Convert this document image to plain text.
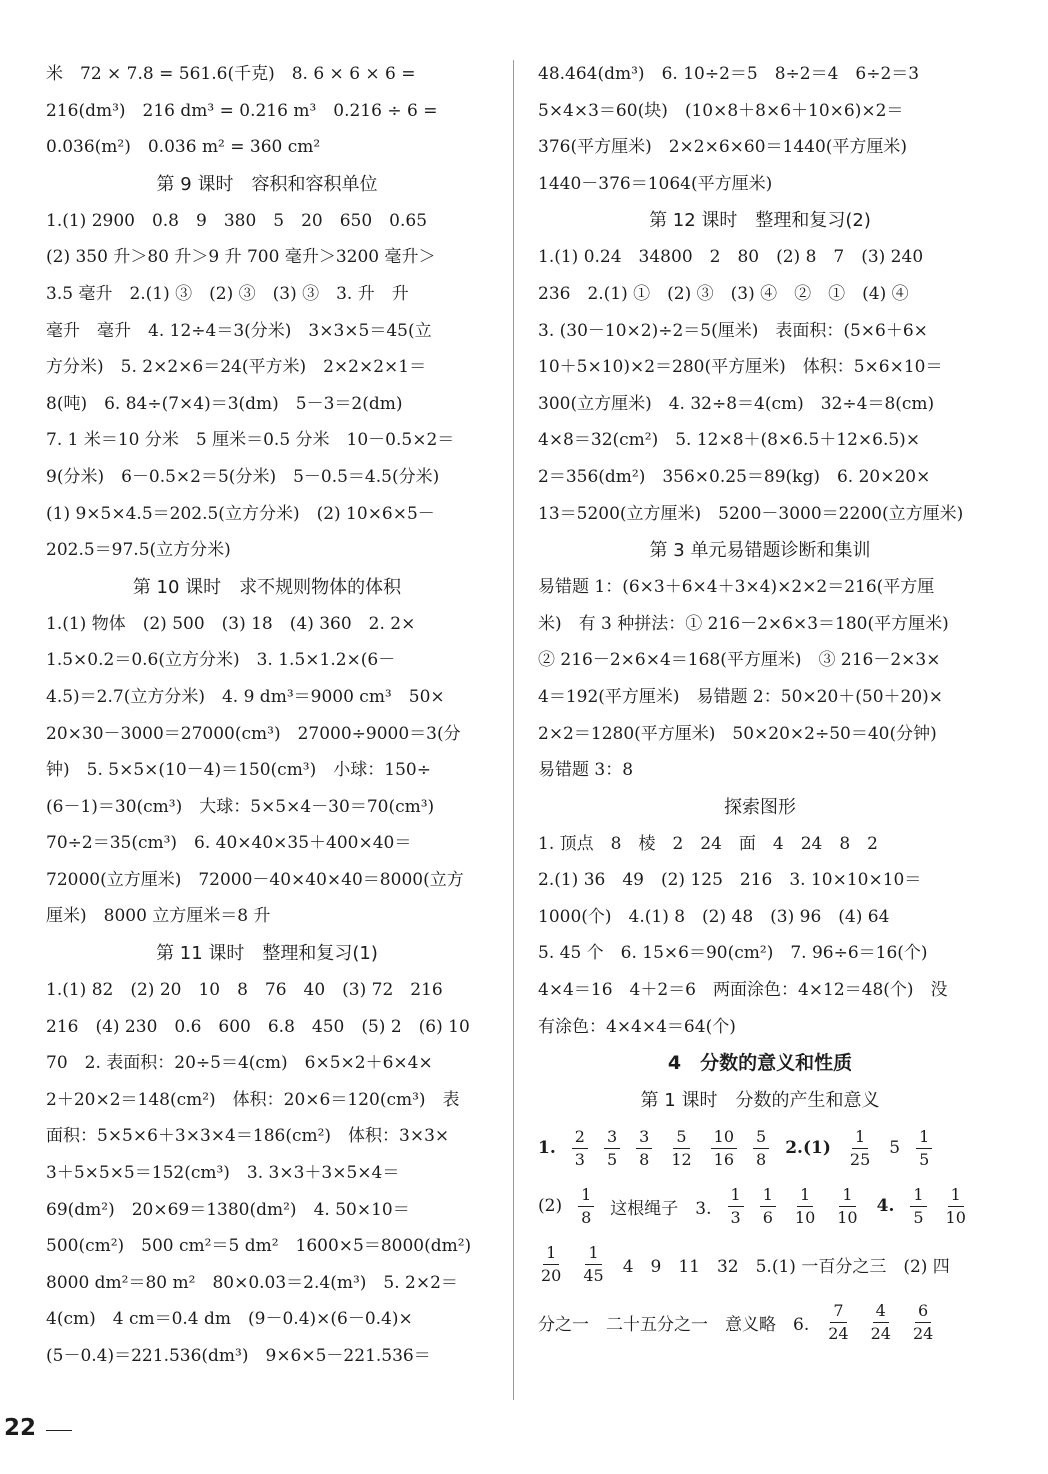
米　72 × 7.8 = 561.6(千克)　8. 6 × 6 × 6 =
216(dm³)　216 dm³ = 0.216 m³　0.216 ÷ 6 =
0.036(m²)　0.036 m² = 360 cm²
第 9 课时　容积和容积单位
1.(1) 2900　0.8　9　380　5　20　650　0.65
(2) 350 升＞80 升＞9 升 700 毫升＞3200 毫升＞
3.5 毫升　2.(1) ③　(2) ③　(3) ③　3. 升　升
毫升　毫升　4. 12÷4＝3(分米)　3×3×5＝45(立
方分米)　5. 2×2×6＝24(平方米)　2×2×2×1＝
8(吨)　6. 84÷(7×4)＝3(dm)　5－3＝2(dm)
7. 1 米＝10 分米　5 厘米＝0.5 分米　10－0.5×2＝
9(分米)　6－0.5×2＝5(分米)　5－0.5＝4.5(分米)
(1) 9×5×4.5＝202.5(立方分米)　(2) 10×6×5－
202.5＝97.5(立方分米)
第 10 课时　求不规则物体的体积
1.(1) 物体　(2) 500　(3) 18　(4) 360　2. 2×
1.5×0.2＝0.6(立方分米)　3. 1.5×1.2×(6－
4.5)＝2.7(立方分米)　4. 9 dm³＝9000 cm³　50×
20×30－3000＝27000(cm³)　27000÷9000＝3(分
钟)　5. 5×5×(10－4)＝150(cm³)　小球：150÷
(6－1)＝30(cm³)　大球：5×5×4－30＝70(cm³)
70÷2＝35(cm³)　6. 40×40×35＋400×40＝
72000(立方厘米)　72000－40×40×40＝8000(立方
厘米)　8000 立方厘米＝8 升
第 11 课时　整理和复习(1)
1.(1) 82　(2) 20　10　8　76　40　(3) 72　216
216　(4) 230　0.6　600　6.8　450　(5) 2　(6) 10
70　2. 表面积：20÷5＝4(cm)　6×5×2＋6×4×
2＋20×2＝148(cm²)　体积：20×6＝120(cm³)　表
面积：5×5×6＋3×3×4＝186(cm²)　体积：3×3×
3＋5×5×5＝152(cm³)　3. 3×3＋3×5×4＝
69(dm²)　20×69＝1380(dm²)　4. 50×10＝
500(cm²)　500 cm²＝5 dm²　1600×5＝8000(dm²)
8000 dm²＝80 m²　80×0.03＝2.4(m³)　5. 2×2＝
4(cm)　4 cm＝0.4 dm　(9－0.4)×(6－0.4)×
(5－0.4)＝221.536(dm³)　9×6×5－221.536＝
48.464(dm³)　6. 10÷2＝5　8÷2＝4　6÷2＝3
5×4×3＝60(块)　(10×8＋8×6＋10×6)×2＝
376(平方厘米)　2×2×6×60＝1440(平方厘米)
1440－376＝1064(平方厘米)
第 12 课时　整理和复习(2)
1.(1) 0.24　34800　2　80　(2) 8　7　(3) 240
236　2.(1) ①　(2) ③　(3) ④　②　①　(4) ④
3. (30－10×2)÷2＝5(厘米)　表面积：(5×6＋6×
10＋5×10)×2＝280(平方厘米)　体积：5×6×10＝
300(立方厘米)　4. 32÷8＝4(cm)　32÷4＝8(cm)
4×8＝32(cm²)　5. 12×8＋(8×6.5＋12×6.5)×
2＝356(dm²)　356×0.25＝89(kg)　6. 20×20×
13＝5200(立方厘米)　5200－3000＝2200(立方厘米)
第 3 单元易错题诊断和集训
易错题 1：(6×3＋6×4＋3×4)×2×2＝216(平方厘
米)　有 3 种拼法：① 216－2×6×3＝180(平方厘米)
② 216－2×6×4＝168(平方厘米)　③ 216－2×3×
4＝192(平方厘米)　易错题 2：50×20＋(50＋20)×
2×2＝1280(平方厘米)　50×20×2÷50＝40(分钟)
易错题 3：8
探索图形
1. 顶点　8　棱　2　24　面　4　24　8　2
2.(1) 36　49　(2) 125　216　3. 10×10×10＝
1000(个)　4.(1) 8　(2) 48　(3) 96　(4) 64
5. 45 个　6. 15×6＝90(cm²)　7. 96÷6＝16(个)
4×4＝16　4＋2＝6　两面涂色：4×12＝48(个)　没
有涂色：4×4×4＝64(个)
4　分数的意义和性质
第 1 课时　分数的产生和意义
1. $\frac{2}{3} \frac{3}{5} \frac{3}{8} \frac{5}{12} \frac{10}{16} \frac{5}{8} 2.(1) \frac{1}{25} 5 \frac{1}{5}$
$(2) \frac{1}{8}$ 这根绳子　3. $\frac{1}{3} \frac{1}{6} \frac{1}{10} \frac{1}{10} 4$. $\frac{1}{5} \frac{1}{10}$
$\frac{1}{20} \frac{1}{45} 4$　9　11　32　5.(1) 一百分之三　(2) 四
分之一　二十五分之一　意义略　6. $\frac{7}{24} \frac{4}{24} \frac{6}{24}$
22
